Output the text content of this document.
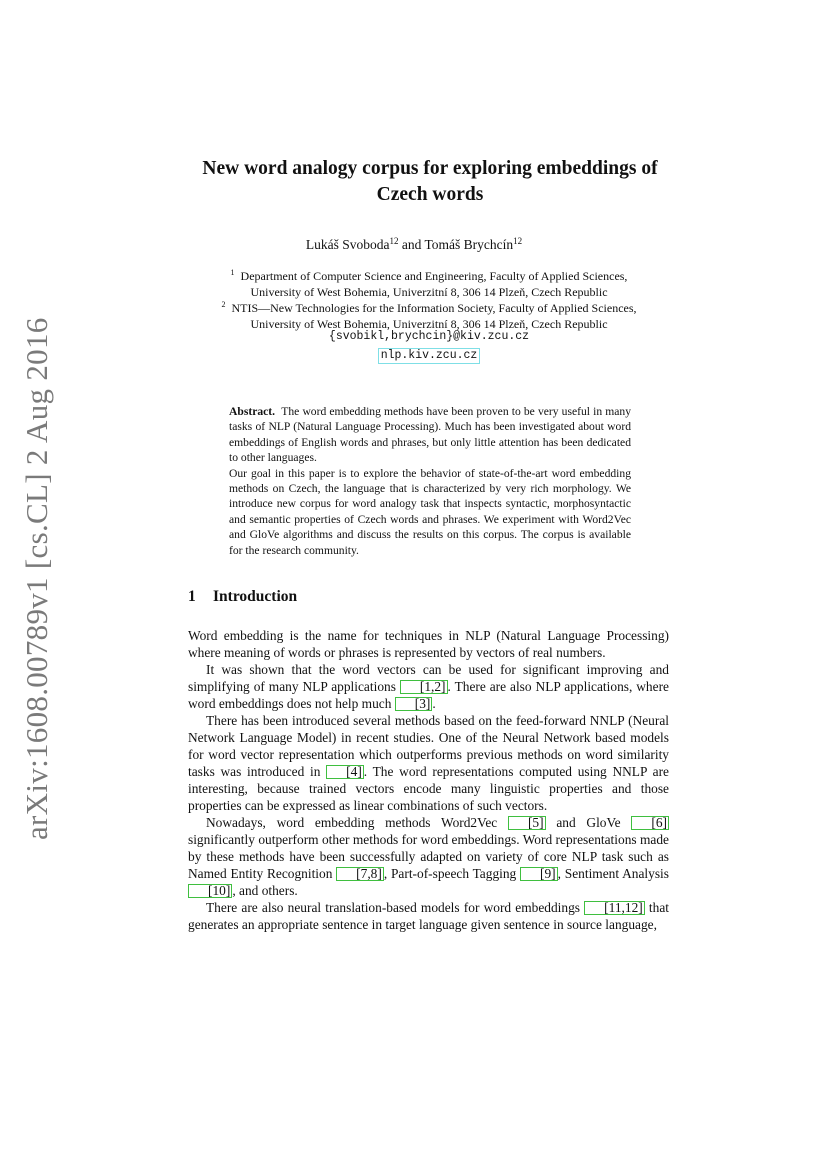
arXiv:1608.00789v1 [cs.CL] 2 Aug 2016
New word analogy corpus for exploring embeddings of
Czech words
Lukáš Svoboda$^{12}$ and Tomáš Brychcín$^{12}$
$^1$ Department of Computer Science and Engineering, Faculty of Applied Sciences,
University of West Bohemia, Univerzitní 8, 306 14 Plzeň, Czech Republic
$^2$ NTIS—New Technologies for the Information Society, Faculty of Applied Sciences,
University of West Bohemia, Univerzitní 8, 306 14 Plzeň, Czech Republic
{svobikl,brychcin}@kiv.zcu.cz
nlp.kiv.zcu.cz

Abstract. The word embedding methods have been proven to be very useful in many tasks of NLP (Natural Language Processing). Much has been investigated about word embeddings of English words and phrases, but only little attention has been dedicated to other languages.

Our goal in this paper is to explore the behavior of state-of-the-art word embedding methods on Czech, the language that is characterized by very rich morphology. We introduce new corpus for word analogy task that inspects syntactic, morphosyntactic and semantic properties of Czech words and phrases. We experiment with Word2Vec and GloVe algorithms and discuss the results on this corpus. The corpus is available for the research community.

1 Introduction

Word embedding is the name for techniques in NLP (Natural Language Processing) where meaning of words or phrases is represented by vectors of real numbers.

It was shown that the word vectors can be used for significant improving and simplifying of many NLP applications [1,2] . There are also NLP applications, where word embeddings does not help much [3] .

There has been introduced several methods based on the feed-forward NNLP (Neural Network Language Model) in recent studies. One of the Neural Network based models for word vector representation which outperforms previous methods on word similarity tasks was introduced in [4] . The word representations computed using NNLP are interesting, because trained vectors encode many linguistic properties and those properties can be expressed as linear combinations of such vectors.

Nowadays, word embedding methods Word2Vec [5] and GloVe [6] significantly outperform other methods for word embeddings. Word representations made by these methods have been successfully adapted on variety of core NLP task such as Named Entity Recognition [7,8] , Part-of-speech Tagging [9] , Sentiment Analysis [10] , and others.

There are also neural translation-based models for word embeddings [11,12] that generates an appropriate sentence in target language given sentence in source language,
